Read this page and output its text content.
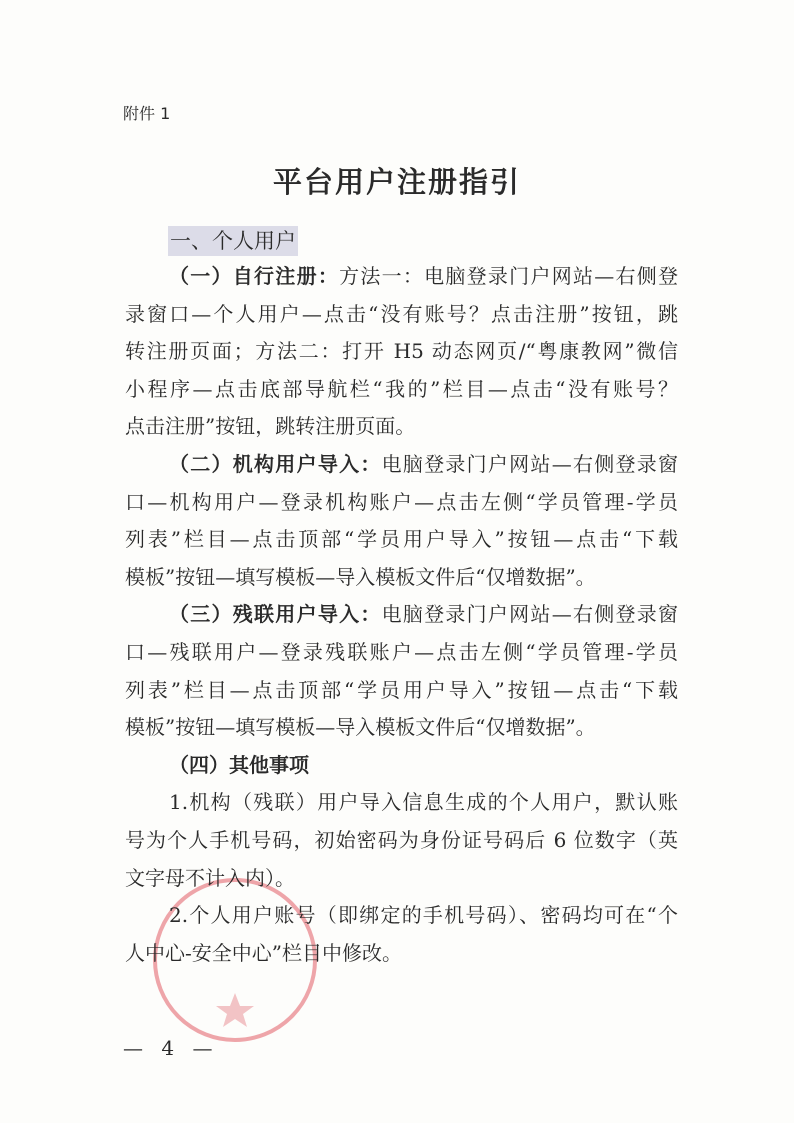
附件 1
平台用户注册指引
一、个人用户
（一）自行注册：方法一：电脑登录门户网站—右侧登
录窗口—个人用户—点击“没有账号？点击注册”按钮，跳
转注册页面；方法二：打开 H5 动态网页/“粤康教网”微信
小程序—点击底部导航栏“我的”栏目—点击“没有账号？
点击注册”按钮，跳转注册页面。
（二）机构用户导入：电脑登录门户网站—右侧登录窗
口—机构用户—登录机构账户—点击左侧“学员管理-学员
列表”栏目—点击顶部“学员用户导入”按钮—点击“下载
模板”按钮—填写模板—导入模板文件后“仅增数据”。
（三）残联用户导入：电脑登录门户网站—右侧登录窗
口—残联用户—登录残联账户—点击左侧“学员管理-学员
列表”栏目—点击顶部“学员用户导入”按钮—点击“下载
模板”按钮—填写模板—导入模板文件后“仅增数据”。
（四）其他事项
1.机构（残联）用户导入信息生成的个人用户，默认账
号为个人手机号码，初始密码为身份证号码后 6 位数字（英
文字母不计入内）。
2.个人用户账号（即绑定的手机号码）、密码均可在“个
人中心-安全中心”栏目中修改。
— 4 —
